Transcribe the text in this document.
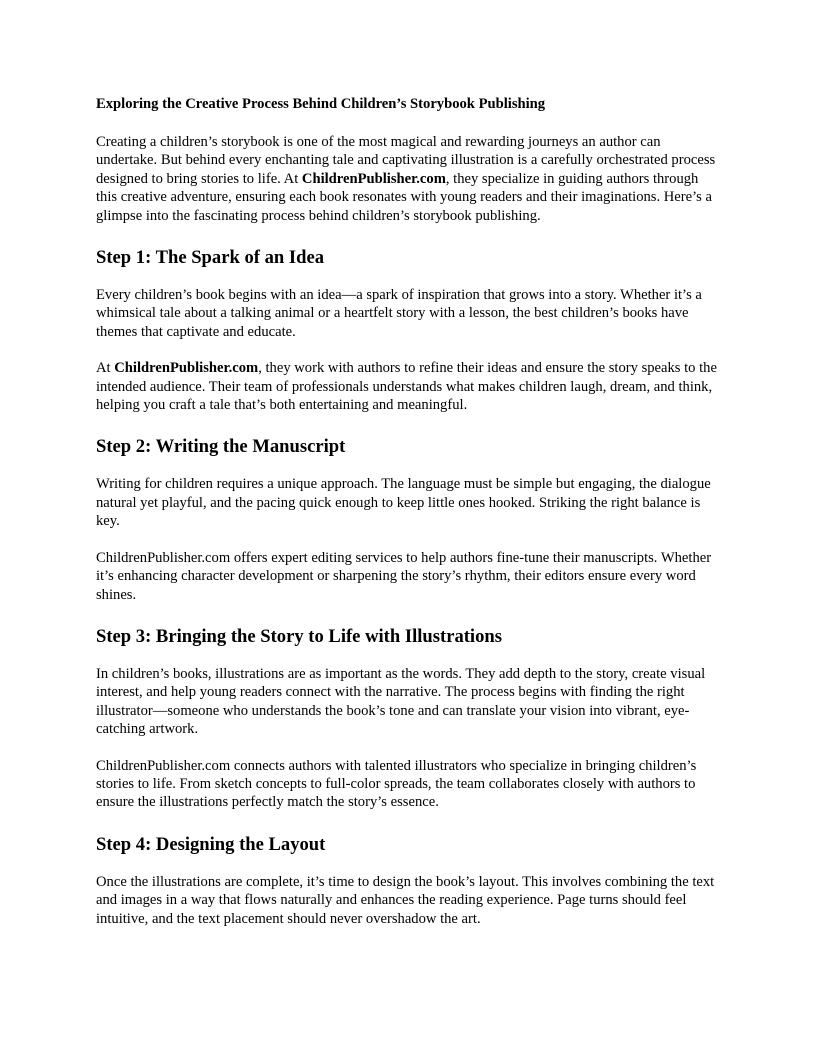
Exploring the Creative Process Behind Children’s Storybook Publishing

Creating a children’s storybook is one of the most magical and rewarding journeys an author can undertake. But behind every enchanting tale and captivating illustration is a carefully orchestrated process designed to bring stories to life. At ChildrenPublisher.com, they specialize in guiding authors through this creative adventure, ensuring each book resonates with young readers and their imaginations. Here’s a glimpse into the fascinating process behind children’s storybook publishing.

Step 1: The Spark of an Idea

Every children’s book begins with an idea—a spark of inspiration that grows into a story. Whether it’s a whimsical tale about a talking animal or a heartfelt story with a lesson, the best children’s books have themes that captivate and educate.

At ChildrenPublisher.com, they work with authors to refine their ideas and ensure the story speaks to the intended audience. Their team of professionals understands what makes children laugh, dream, and think, helping you craft a tale that’s both entertaining and meaningful.

Step 2: Writing the Manuscript

Writing for children requires a unique approach. The language must be simple but engaging, the dialogue natural yet playful, and the pacing quick enough to keep little ones hooked. Striking the right balance is key.

ChildrenPublisher.com offers expert editing services to help authors fine-tune their manuscripts. Whether it’s enhancing character development or sharpening the story’s rhythm, their editors ensure every word shines.

Step 3: Bringing the Story to Life with Illustrations

In children’s books, illustrations are as important as the words. They add depth to the story, create visual interest, and help young readers connect with the narrative. The process begins with finding the right illustrator—someone who understands the book’s tone and can translate your vision into vibrant, eye-catching artwork.

ChildrenPublisher.com connects authors with talented illustrators who specialize in bringing children’s stories to life. From sketch concepts to full-color spreads, the team collaborates closely with authors to ensure the illustrations perfectly match the story’s essence.

Step 4: Designing the Layout

Once the illustrations are complete, it’s time to design the book’s layout. This involves combining the text and images in a way that flows naturally and enhances the reading experience. Page turns should feel intuitive, and the text placement should never overshadow the art.
